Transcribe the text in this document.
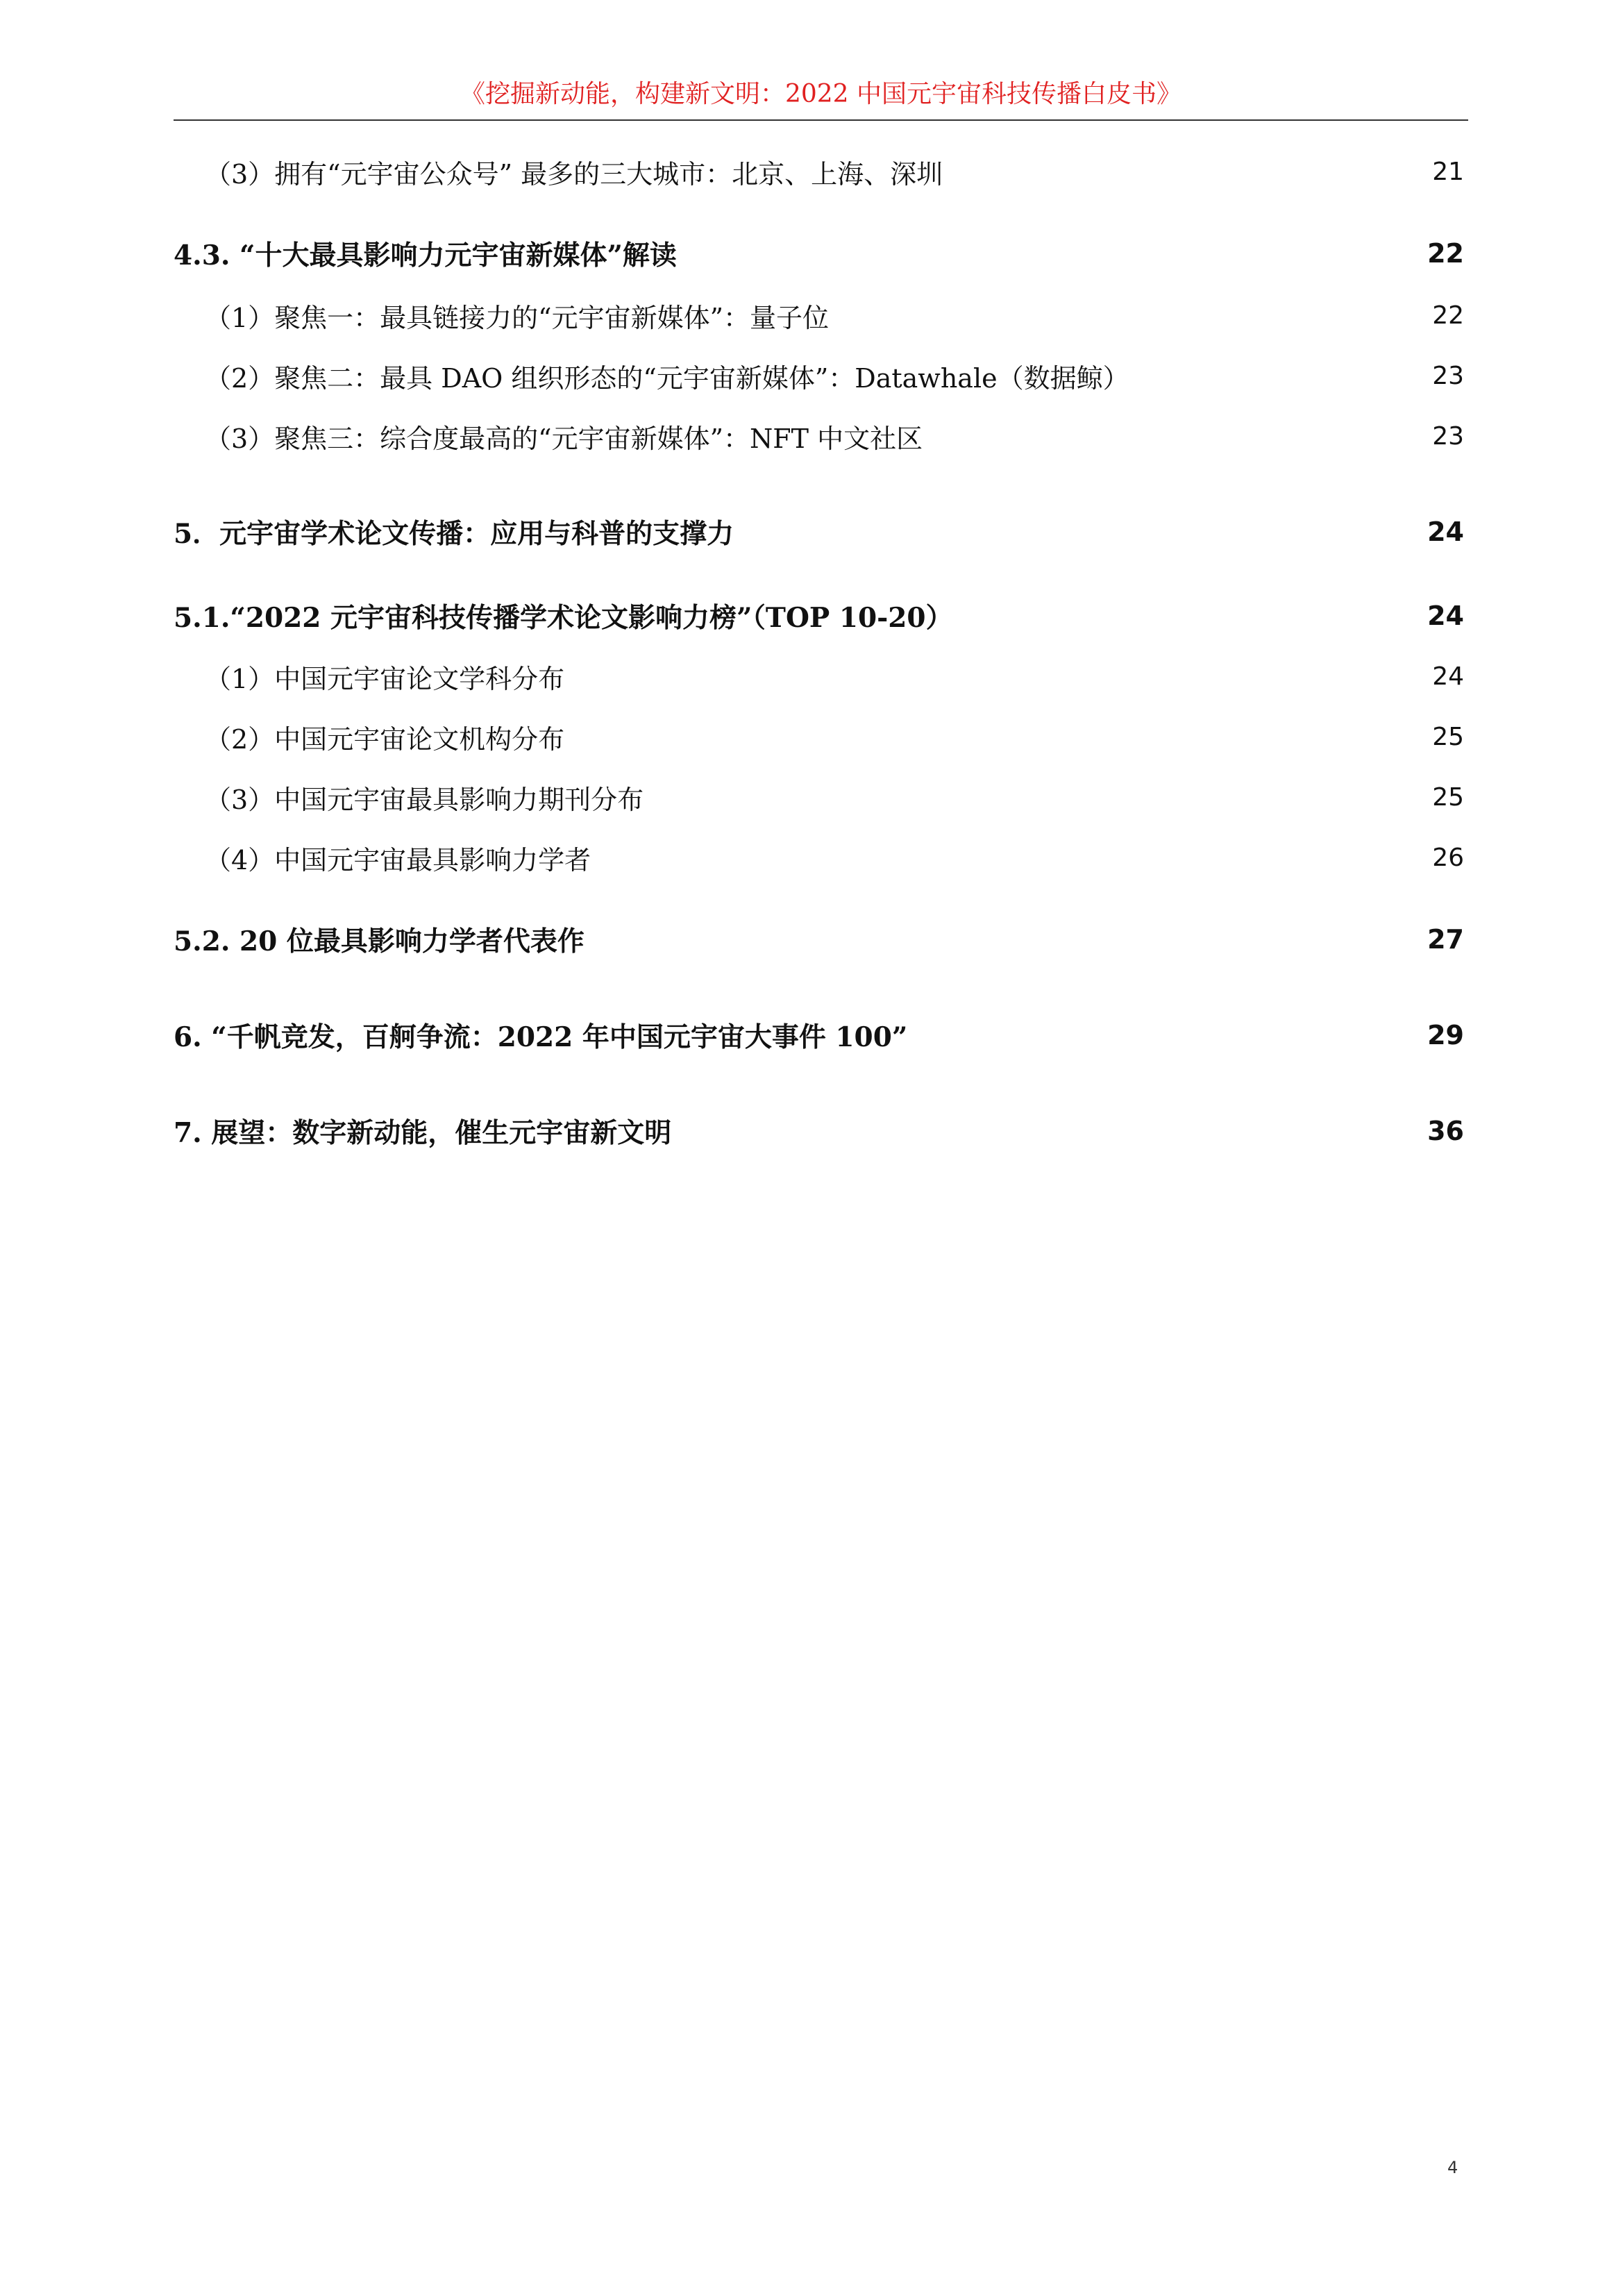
《挖掘新动能，构建新文明：2022 中国元宇宙科技传播白皮书》
（3）拥有“元宇宙公众号” 最多的三大城市：北京、上海、深圳	21
4.3. “十大最具影响力元宇宙新媒体”解读	22
（1）聚焦一：最具链接力的“元宇宙新媒体”：量子位	22
（2）聚焦二：最具 DAO 组织形态的“元宇宙新媒体”：Datawhale（数据鲸）	23
（3）聚焦三：综合度最高的“元宇宙新媒体”：NFT 中文社区	23
5．元宇宙学术论文传播：应用与科普的支撑力	24
5.1.“2022 元宇宙科技传播学术论文影响力榜”（TOP 10-20）	24
（1）中国元宇宙论文学科分布	24
（2）中国元宇宙论文机构分布	25
（3）中国元宇宙最具影响力期刊分布	25
（4）中国元宇宙最具影响力学者	26
5.2. 20 位最具影响力学者代表作	27
6. “千帆竞发，百舸争流：2022 年中国元宇宙大事件 100”	29
7. 展望：数字新动能，催生元宇宙新文明	36
4
